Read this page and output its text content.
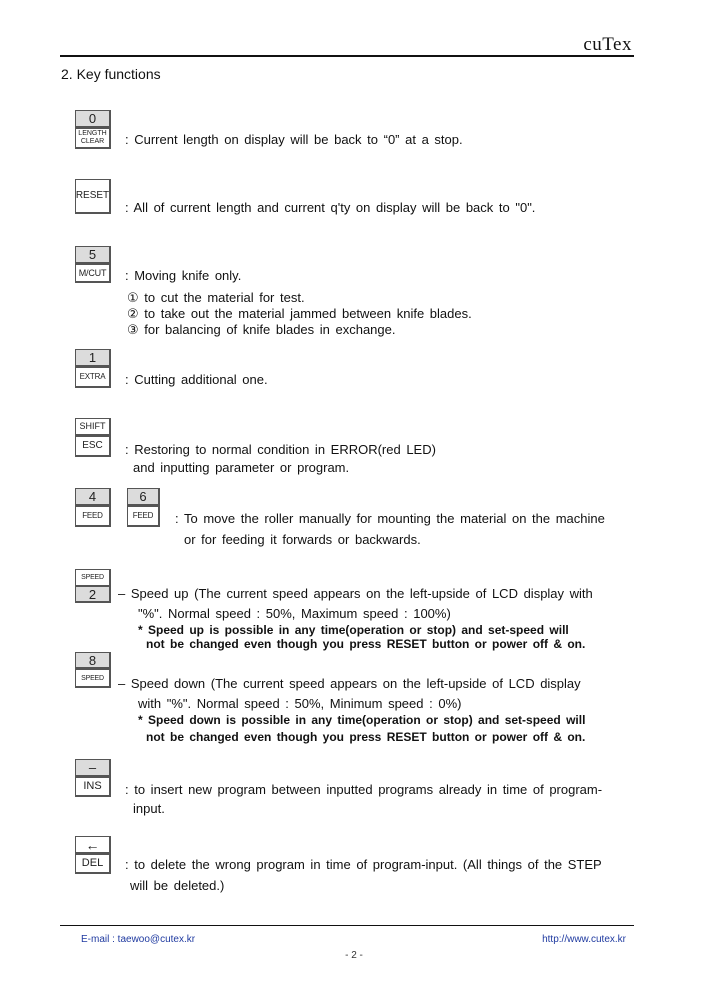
cuTex
2. Key functions
0
LENGTH
CLEAR	: Current length on display will be back to “0” at a stop.
RESET
: All of current length and current q'ty on display will be back to "0".
5
M/CUT	: Moving knife only.
① to cut the material for test.
② to take out the material jammed between knife blades.
③ for balancing of knife blades in exchange.
1
EXTRA	: Cutting additional one.
SHIFT
ESC	: Restoring to normal condition in ERROR(red LED)
and inputting parameter or program.
4
FEED
6
FEED	: To move the roller manually for mounting the material on the machine
or for feeding it forwards or backwards.
SPEED
2	– Speed up (The current speed appears on the left-upside of LCD display with
"%". Normal speed : 50%, Maximum speed : 100%)
* Speed up is possible in any time(operation or stop) and set-speed will
not be changed even though you press RESET button or power off & on.
8
SPEED	– Speed down (The current speed appears on the left-upside of LCD display
with "%". Normal speed : 50%, Minimum speed : 0%)
* Speed down is possible in any time(operation or stop) and set-speed will
not be changed even though you press RESET button or power off & on.
–
INS	: to insert new program between inputted programs already in time of program-
input.
←
DEL	: to delete the wrong program in time of program-input. (All things of the STEP
will be deleted.)
E-mail : taewoo@cutex.kr	http://www.cutex.kr
- 2 -
